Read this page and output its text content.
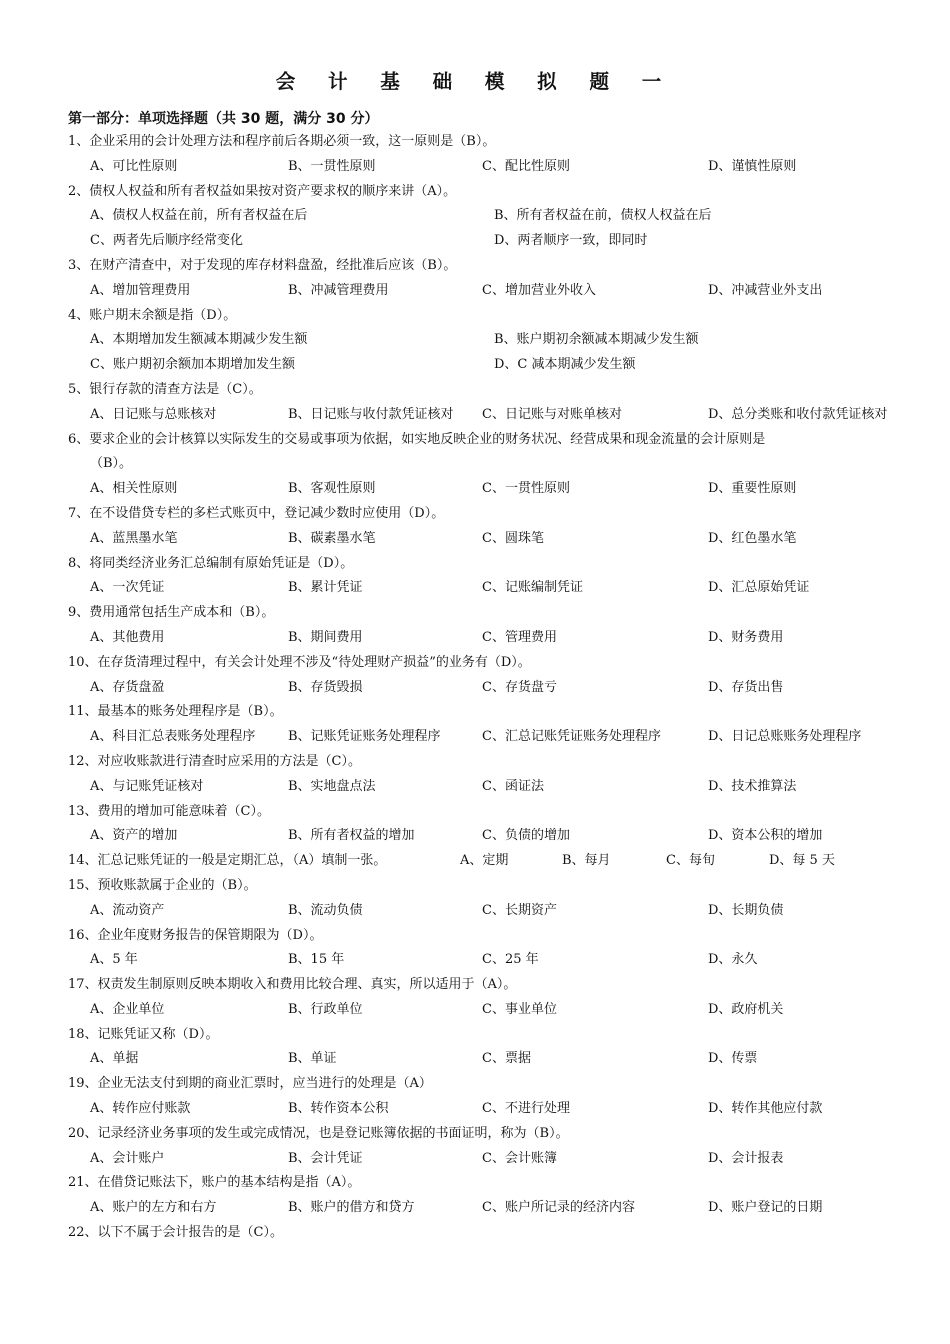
会 计 基 础 模 拟 题 一
第一部分：单项选择题（共 30 题，满分 30 分）
1、企业采用的会计处理方法和程序前后各期必须一致，这一原则是（B）。
A、可比性原则	B、一贯性原则	C、配比性原则	D、谨慎性原则
2、债权人权益和所有者权益如果按对资产要求权的顺序来讲（A）。
A、债权人权益在前，所有者权益在后	B、所有者权益在前，债权人权益在后
C、两者先后顺序经常变化	D、两者顺序一致，即同时
3、在财产清查中，对于发现的库存材料盘盈，经批准后应该（B）。
A、增加管理费用	B、冲减管理费用	C、增加营业外收入	D、冲减营业外支出
4、账户期末余额是指（D）。
A、本期增加发生额减本期减少发生额	B、账户期初余额减本期减少发生额
C、账户期初余额加本期增加发生额	D、C 减本期减少发生额
5、银行存款的清查方法是（C）。
A、日记账与总账核对	B、日记账与收付款凭证核对 C、日记账与对账单核对	D、总分类账和收付款凭证核对
6、要求企业的会计核算以实际发生的交易或事项为依据，如实地反映企业的财务状况、经营成果和现金流量的会计原则是
（B）。
A、相关性原则	B、客观性原则	C、一贯性原则	D、重要性原则
7、在不设借贷专栏的多栏式账页中，登记减少数时应使用（D）。
A、蓝黑墨水笔	B、碳素墨水笔	C、圆珠笔	D、红色墨水笔
8、将同类经济业务汇总编制有原始凭证是（D）。
A、一次凭证	B、累计凭证	C、记账编制凭证	D、汇总原始凭证
9、费用通常包括生产成本和（B）。
A、其他费用	B、期间费用	C、管理费用	D、财务费用
10、在存货清理过程中，有关会计处理不涉及“待处理财产损益”的业务有（D）。
A、存货盘盈	B、存货毁损	C、存货盘亏	D、存货出售
11、最基本的账务处理程序是（B）。
A、科目汇总表账务处理程序	B、记账凭证账务处理程序	C、汇总记账凭证账务处理程序	D、日记总账账务处理程序
12、对应收账款进行清查时应采用的方法是（C）。
A、与记账凭证核对	B、实地盘点法	C、函证法	D、技术推算法
13、费用的增加可能意味着（C）。
A、资产的增加	B、所有者权益的增加	C、负债的增加	D、资本公积的增加
14、汇总记账凭证的一般是定期汇总，（A）填制一张。	A、定期	B、每月	C、每旬	D、每 5 天
15、预收账款属于企业的（B）。
A、流动资产	B、流动负债	C、长期资产	D、长期负债
16、企业年度财务报告的保管期限为（D）。
A、5 年	B、15 年	C、25 年	D、永久
17、权责发生制原则反映本期收入和费用比较合理、真实，所以适用于（A）。
A、企业单位	B、行政单位	C、事业单位	D、政府机关
18、记账凭证又称（D）。
A、单据	B、单证	C、票据	D、传票
19、企业无法支付到期的商业汇票时，应当进行的处理是（A）
A、转作应付账款	B、转作资本公积	C、不进行处理	D、转作其他应付款
20、记录经济业务事项的发生或完成情况，也是登记账簿依据的书面证明，称为（B）。
A、会计账户	B、会计凭证	C、会计账簿	D、会计报表
21、在借贷记账法下，账户的基本结构是指（A）。
A、账户的左方和右方	B、账户的借方和贷方	C、账户所记录的经济内容	D、账户登记的日期
22、以下不属于会计报告的是（C）。
